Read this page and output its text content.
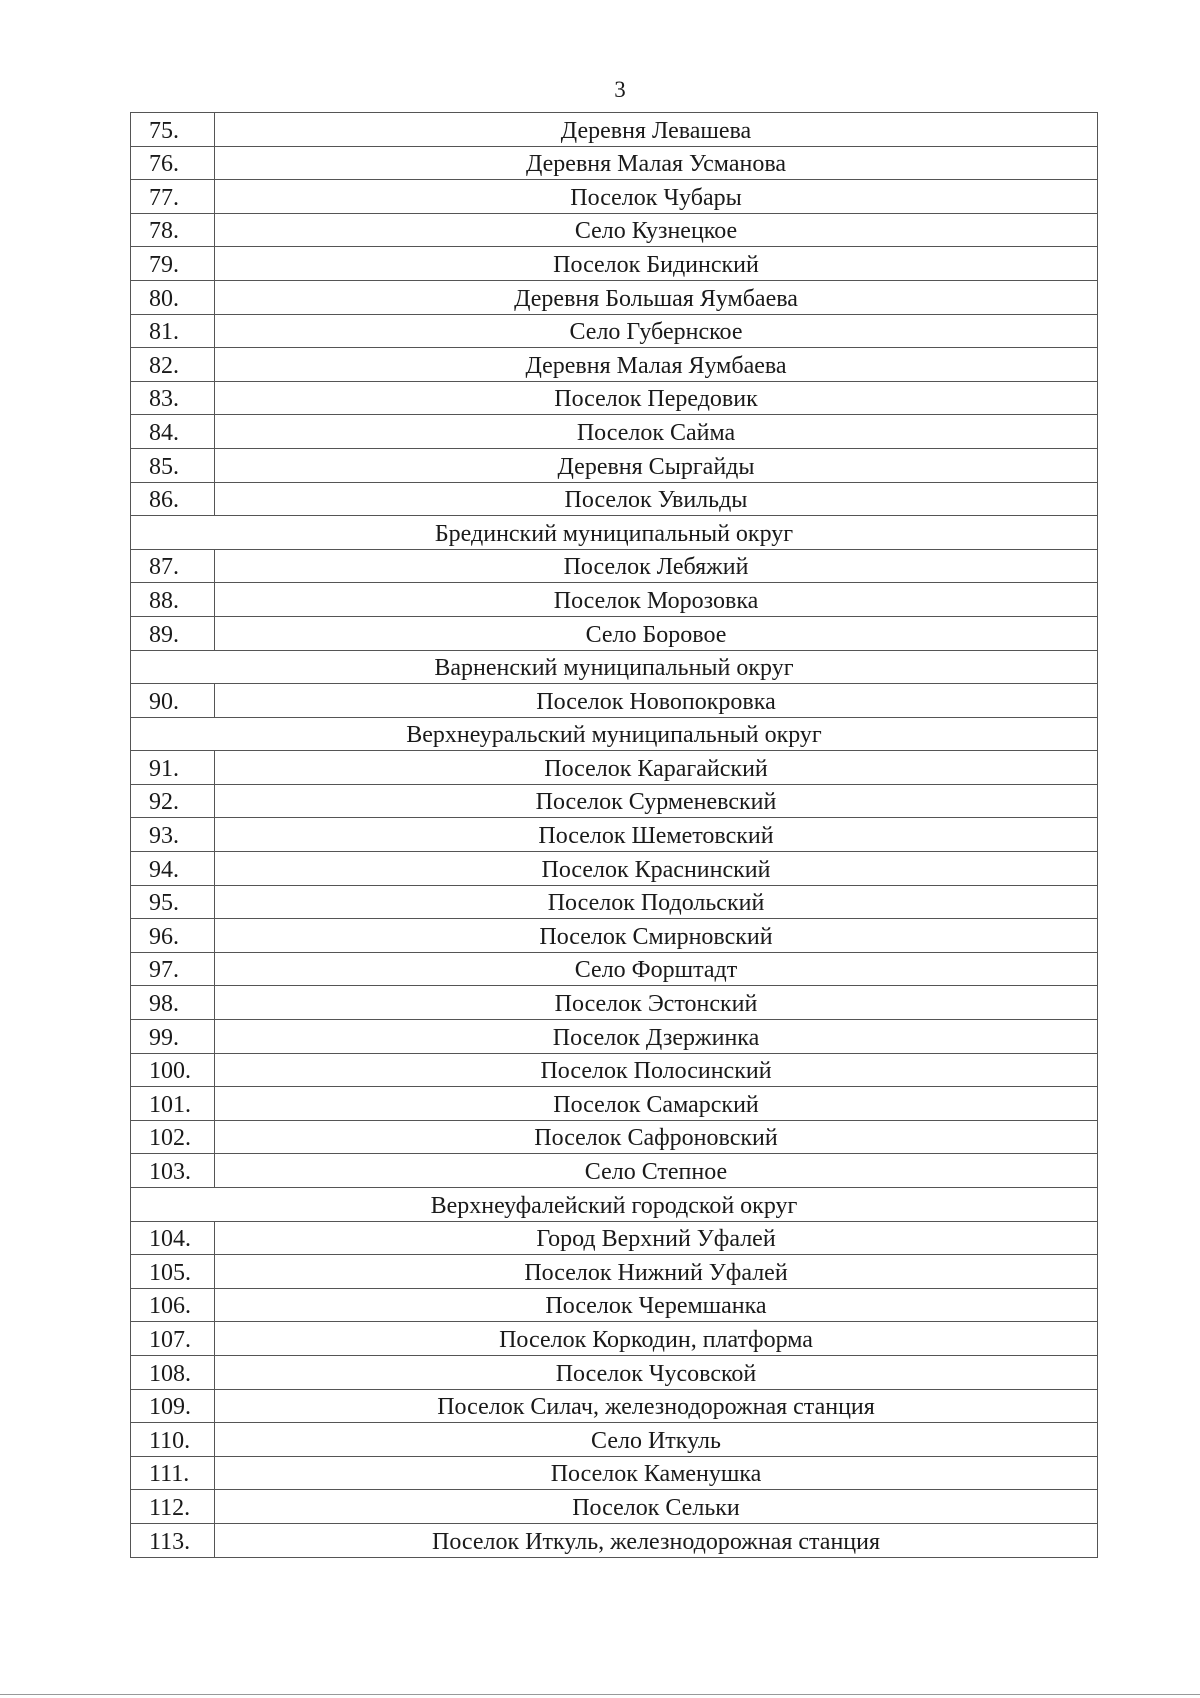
3
75.	Деревня Левашева
76.	Деревня Малая Усманова
77.	Поселок Чубары
78.	Село Кузнецкое
79.	Поселок Бидинский
80.	Деревня Большая Яумбаева
81.	Село Губернское
82.	Деревня Малая Яумбаева
83.	Поселок Передовик
84.	Поселок Сайма
85.	Деревня Сыргайды
86.	Поселок Увильды
Брединский муниципальный округ	
87.	Поселок Лебяжий
88.	Поселок Морозовка
89.	Село Боровое
Варненский муниципальный округ	
90.	Поселок Новопокровка
Верхнеуральский муниципальный округ	
91.	Поселок Карагайский
92.	Поселок Сурменевский
93.	Поселок Шеметовский
94.	Поселок Краснинский
95.	Поселок Подольский
96.	Поселок Смирновский
97.	Село Форштадт
98.	Поселок Эстонский
99.	Поселок Дзержинка
100.	Поселок Полосинский
101.	Поселок Самарский
102.	Поселок Сафроновский
103.	Село Степное
Верхнеуфалейский городской округ	
104.	Город Верхний Уфалей
105.	Поселок Нижний Уфалей
106.	Поселок Черемшанка
107.	Поселок Коркодин, платформа
108.	Поселок Чусовской
109.	Поселок Силач, железнодорожная станция
110.	Село Иткуль
111.	Поселок Каменушка
112.	Поселок Сельки
113.	Поселок Иткуль, железнодорожная станция
